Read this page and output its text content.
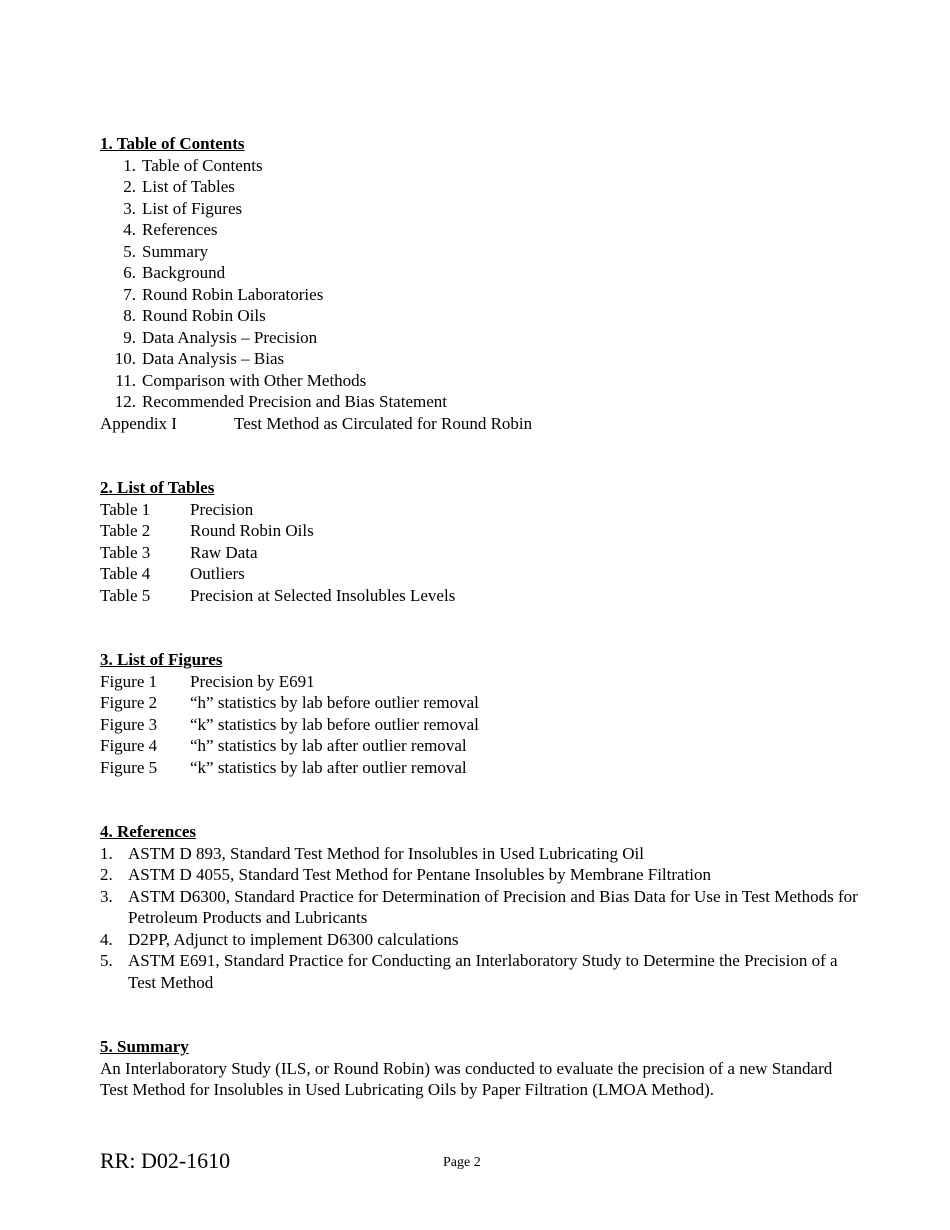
1. Table of Contents

1. Table of Contents
2. List of Tables
3. List of Figures
4. References
5. Summary
6. Background
7. Round Robin Laboratories
8. Round Robin Oils
9. Data Analysis – Precision
10. Data Analysis – Bias
11. Comparison with Other Methods
12. Recommended Precision and Bias Statement
Appendix I	Test Method as Circulated for Round Robin

2. List of Tables

Table 1	Precision
Table 2	Round Robin Oils
Table 3	Raw Data
Table 4	Outliers
Table 5	Precision at Selected Insolubles Levels

3. List of Figures

Figure 1	Precision by E691
Figure 2	“h” statistics by lab before outlier removal
Figure 3	“k” statistics by lab before outlier removal
Figure 4	“h” statistics by lab after outlier removal
Figure 5	“k” statistics by lab after outlier removal

4. References

1. ASTM D 893, Standard Test Method for Insolubles in Used Lubricating Oil
2. ASTM D 4055, Standard Test Method for Pentane Insolubles by Membrane Filtration
3. ASTM D6300, Standard Practice for Determination of Precision and Bias Data for Use in Test Methods for Petroleum Products and Lubricants
4. D2PP, Adjunct to implement D6300 calculations
5. ASTM E691, Standard Practice for Conducting an Interlaboratory Study to Determine the Precision of a Test Method

5. Summary

An Interlaboratory Study (ILS, or Round Robin) was conducted to evaluate the precision of a new Standard Test Method for Insolubles in Used Lubricating Oils by Paper Filtration (LMOA Method).

RR: D02-1610	Page 2
